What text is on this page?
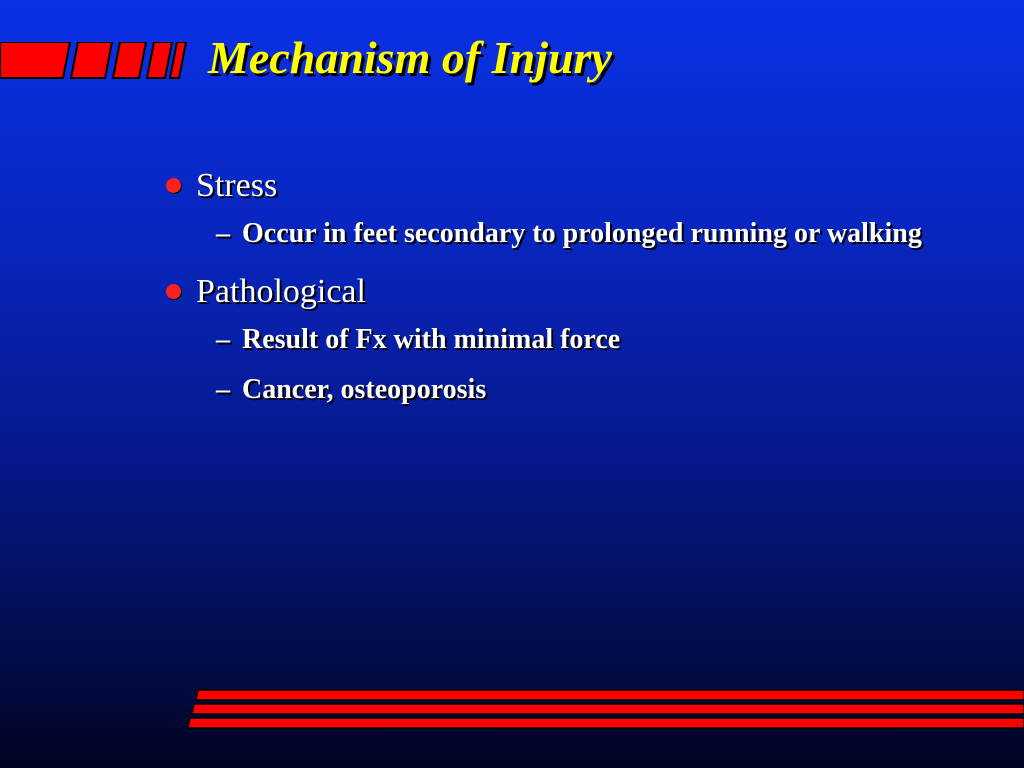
Mechanism of Injury
Stress
– Occur in feet secondary to prolonged running or walking
Pathological
– Result of Fx with minimal force
– Cancer, osteoporosis
